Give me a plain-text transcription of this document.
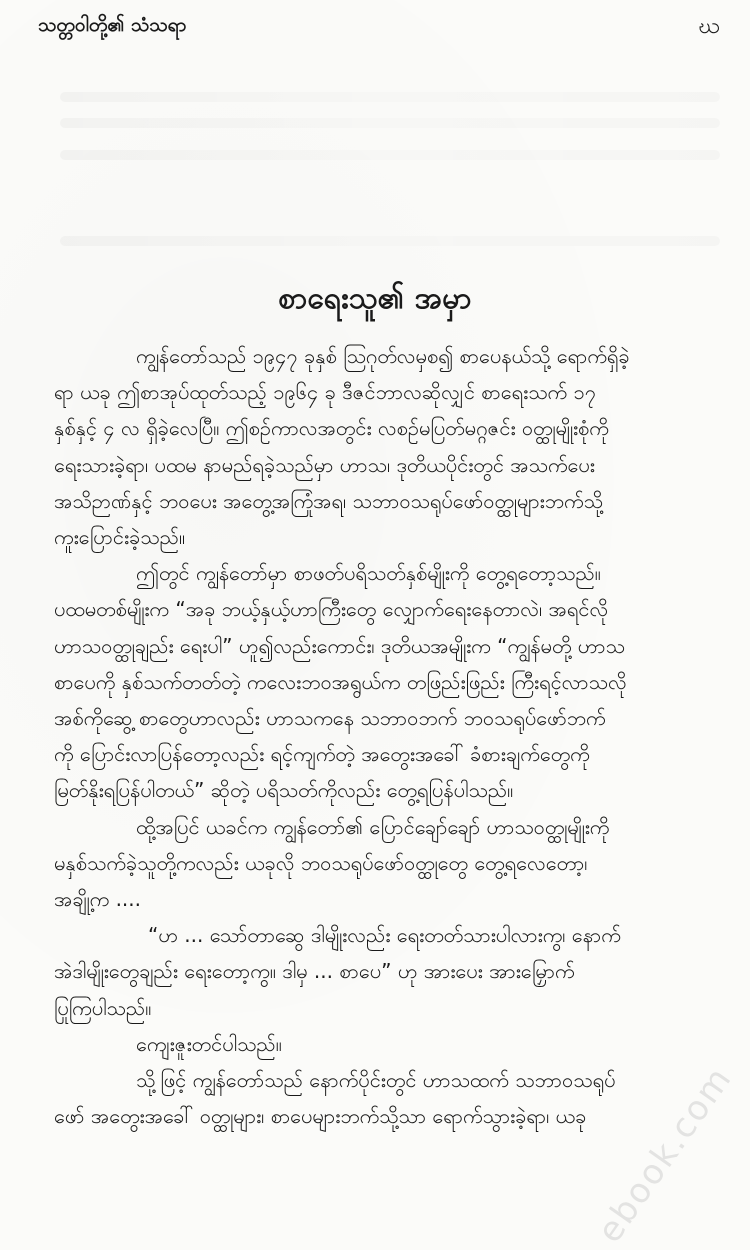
သတ္တဝါတို့၏ သံသရာ	ဃ
စာရေးသူ၏ အမှာ

ကျွန်တော်သည် ၁၉၄၇ ခုနှစ် ဩဂုတ်လမှစ၍ စာပေနယ်သို့ ရောက်ရှိခဲ့
ရာ ယခု ဤစာအုပ်ထုတ်သည့် ၁၉၆၄ ခု ဒီဇင်ဘာလဆိုလျှင် စာရေးသက် ၁၇
နှစ်နှင့် ၄ လ ရှိခဲ့လေပြီ။ ဤစဉ်ကာလအတွင်း လစဉ်မပြတ်မဂ္ဂဇင်း ဝတ္ထုမျိုးစုံကို
ရေးသားခဲ့ရာ၊ ပထမ နာမည်ရခဲ့သည်မှာ ဟာသ၊ ဒုတိယပိုင်းတွင် အသက်ပေး
အသိဉာဏ်နှင့် ဘဝပေး အတွေ့အကြုံအရ၊ သဘာဝသရုပ်ဖော်ဝတ္ထုများဘက်သို့
ကူးပြောင်းခဲ့သည်။

ဤတွင် ကျွန်တော်မှာ စာဖတ်ပရိသတ်နှစ်မျိုးကို တွေ့ရတော့သည်။
ပထမတစ်မျိုးက “အခု ဘယ့်နှယ့်ဟာကြီးတွေ လျှောက်ရေးနေတာလဲ၊ အရင်လို
ဟာသဝတ္ထုချည်း ရေးပါ” ဟူ၍လည်းကောင်း၊ ဒုတိယအမျိုးက “ကျွန်မတို့ ဟာသ
စာပေကို နှစ်သက်တတ်တဲ့ ကလေးဘဝအရွယ်က တဖြည်းဖြည်း ကြီးရင့်လာသလို
အစ်ကိုဆွေ့ စာတွေဟာလည်း ဟာသကနေ သဘာဝဘက် ဘဝသရုပ်ဖော်ဘက်
ကို ပြောင်းလာပြန်တော့လည်း ရင့်ကျက်တဲ့ အတွေးအခေါ် ခံစားချက်တွေကို
မြတ်နိုးရပြန်ပါတယ်” ဆိုတဲ့ ပရိသတ်ကိုလည်း တွေ့ရပြန်ပါသည်။

ထို့အပြင် ယခင်က ကျွန်တော်၏ ပြောင်ချော်ချော် ဟာသဝတ္ထုမျိုးကို
မနှစ်သက်ခဲ့သူတို့ကလည်း ယခုလို ဘဝသရုပ်ဖော်ဝတ္ထုတွေ တွေ့ရလေတော့၊
အချို့က ....

“ဟ ... သော်တာဆွေ ဒါမျိုးလည်း ရေးတတ်သားပါလားကွ၊ နောက်
အဲဒါမျိုးတွေချည်း ရေးတော့ကွ။ ဒါမှ ... စာပေ” ဟု အားပေး အားမြှောက်
ပြုကြပါသည်။

ကျေးဇူးတင်ပါသည်။

သို့ဖြင့် ကျွန်တော်သည် နောက်ပိုင်းတွင် ဟာသထက် သဘာဝသရုပ်
ဖော် အတွေးအခေါ် ဝတ္ထုများ၊ စာပေများဘက်သို့သာ ရောက်သွားခဲ့ရာ၊ ယခု ebook.com
